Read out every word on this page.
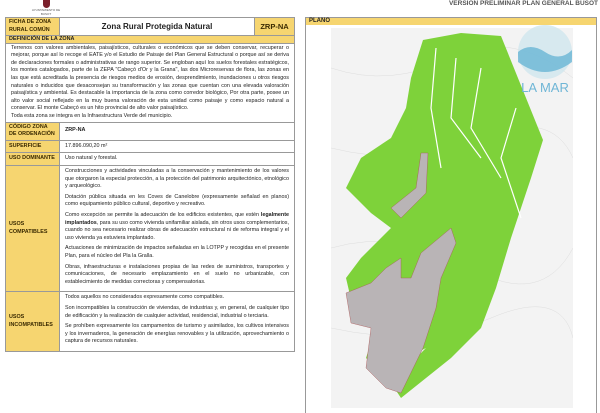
AYUNTAMIENTO DE BUSOT
VERSION PRELIMINAR PLAN GENERAL BUSOT
FICHA DE ZONA RURAL COMÚN	Zona Rural Protegida Natural	ZRP-NA
DEFINICIÓN DE LA ZONA		

Terrenos con valores ambientales, paisajísticos, culturales o económicos que se deben conservar, recuperar o mejorar, porque así lo recoge el EATE y/o el Estudio de Paisaje del Plan General Estructural o porque así se deriva de declaraciones formales o administrativas de rango superior. Se engloban aquí los suelos forestales estratégicos, los montes catalogados, parte de la ZEPA "Cabeçó d'Or y la Grana", las dos Microreservas de flora, las zonas en las que está acreditada la presencia de riesgos medios de erosión, desprendimiento, inundaciones u otros riesgos naturales o inducidos que desaconsejan su transformación y las zonas que cuentan con una elevada valoración paisajística y ambiental. Es destacable la importancia de la zona como corredor biológico, Por otra parte, posee un alto valor social reflejado en la muy buena valoración de esta unidad como paisaje y como espacio natural a conservar. El monte Cabeçó es un hito provincial de alto valor paisajístico.

Toda esta zona se integra en la Infraestructura Verde del municipio.		

CÓDIGO ZONA DE ORDENACIÓN	ZRP-NA	
SUPERFICIE	17.896.090,20 m²	
USO DOMINANTE	Uso natural y forestal.	
USOS COMPATIBLES	Construcciones y actividades vinculadas a la conservación y mantenimiento de los valores que otorgaron la especial protección, a la protección del patrimonio arquitectónico, etnológico y arqueológico.

Dotación pública situada en les Coves de Canelobre (expresamente señalad en planos) como equipamiento público cultural, deportivo y recreativo.

Como excepción se permite la adecuación de los edificios existentes, que estén legalmente implantados, para su uso como vivienda unifamiliar aislada, sin otros usos complementarios, cuando no sea necesario realizar obras de adecuación estructural ni de reforma integral y el uso vivienda ya estuviera implantado.

Actuaciones de minimización de impactos señaladas en la LOTPP y recogidas en el presente Plan, para el núcleo del Pla la Gralla.

Obras, infraestructuras e instalaciones propias de las redes de suministros, transportes y comunicaciones, de necesario emplazamiento en el suelo no urbanizable, con establecimiento de medidas correctoras y compensatorias.	

USOS INCOMPATIBLES	Todos aquellos no considerados expresamente como compatibles.

Son incompatibles la construcción de viviendas, de industrias y, en general, de cualquier tipo de edificación y la realización de cualquier actividad, residencial, industrial o terciaria.

Se prohíben expresamente los campamentos de turismo y asimilados, los cultivos intensivos y los invernaderos, la generación de energías renovables y la utilización, aprovechamiento o captura de recursos naturales.	

PLANO
LA MAR
